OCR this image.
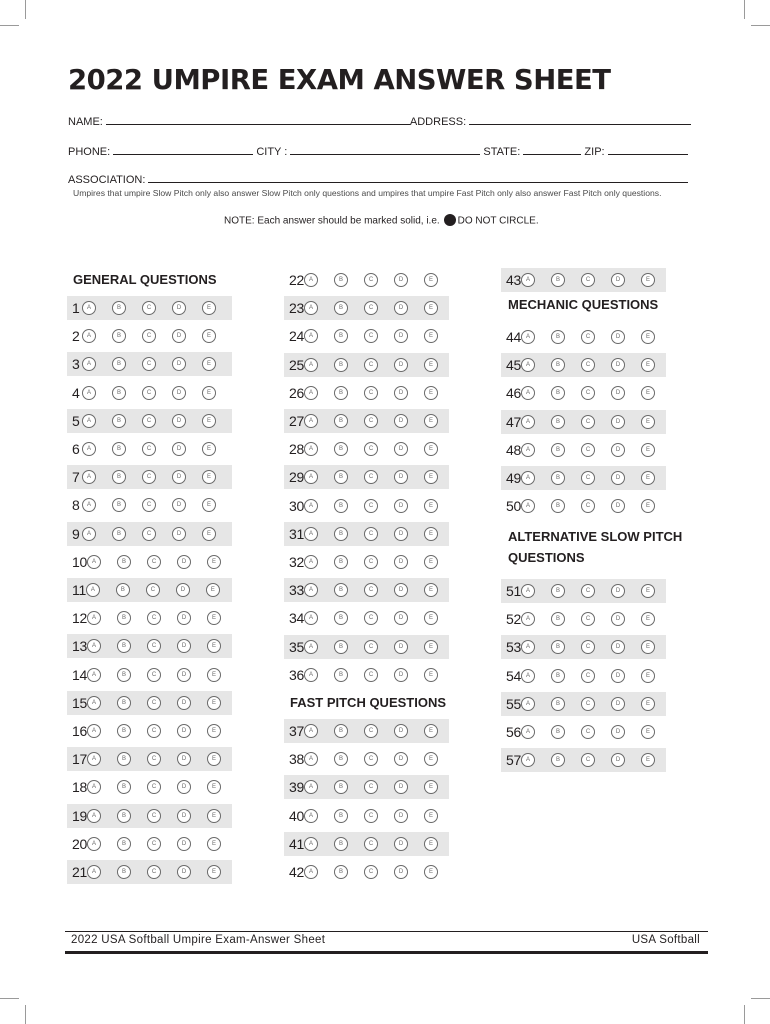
2022 UMPIRE EXAM ANSWER SHEET
NAME:	ADDRESS:
PHONE:	CITY :	STATE:	ZIP:
ASSOCIATION:
Umpires that umpire Slow Pitch only also answer Slow Pitch only questions and umpires that umpire Fast Pitch only also answer Fast Pitch only questions.
NOTE: Each answer should be marked solid, i.e. DO NOT CIRCLE.
GENERAL QUESTIONS
FAST PITCH QUESTIONS
MECHANIC QUESTIONS
ALTERNATIVE SLOW PITCH
QUESTIONS
1	A	B	C	D	E
2	A	B	C	D	E
3	A	B	C	D	E
4	A	B	C	D	E
5	A	B	C	D	E
6	A	B	C	D	E
7	A	B	C	D	E
8	A	B	C	D	E
9	A	B	C	D	E
10 A	B	C	D	E
11 A	B	C	D	E
12 A	B	C	D	E
13 A	B	C	D	E
14 A	B	C	D	E
15 A	B	C	D	E
16 A	B	C	D	E
17 A	B	C	D	E
18 A	B	C	D	E
19 A	B	C	D	E
20 A	B	C	D	E
21 A	B	C	D	E
22 A	B	C	D	E
23 A	B	C	D	E
24 A	B	C	D	E
25 A	B	C	D	E
26 A	B	C	D	E
27 A	B	C	D	E
28 A	B	C	D	E
29 A	B	C	D	E
30 A	B	C	D	E
31 A	B	C	D	E
32 A	B	C	D	E
33 A	B	C	D	E
34 A	B	C	D	E
35 A	B	C	D	E
36 A	B	C	D	E
37 A	B	C	D	E
38 A	B	C	D	E
39 A	B	C	D	E
40 A	B	C	D	E
41 A	B	C	D	E
42 A	B	C	D	E
43 A	B	C	D	E
44 A	B	C	D	E
45 A	B	C	D	E
46 A	B	C	D	E
47 A	B	C	D	E
48 A	B	C	D	E
49 A	B	C	D	E
50 A	B	C	D	E
51 A	B	C	D	E
52 A	B	C	D	E
53 A	B	C	D	E
54 A	B	C	D	E
55 A	B	C	D	E
56 A	B	C	D	E
57 A	B	C	D	E
2022 USA Softball Umpire Exam-Answer Sheet	USA Softball
